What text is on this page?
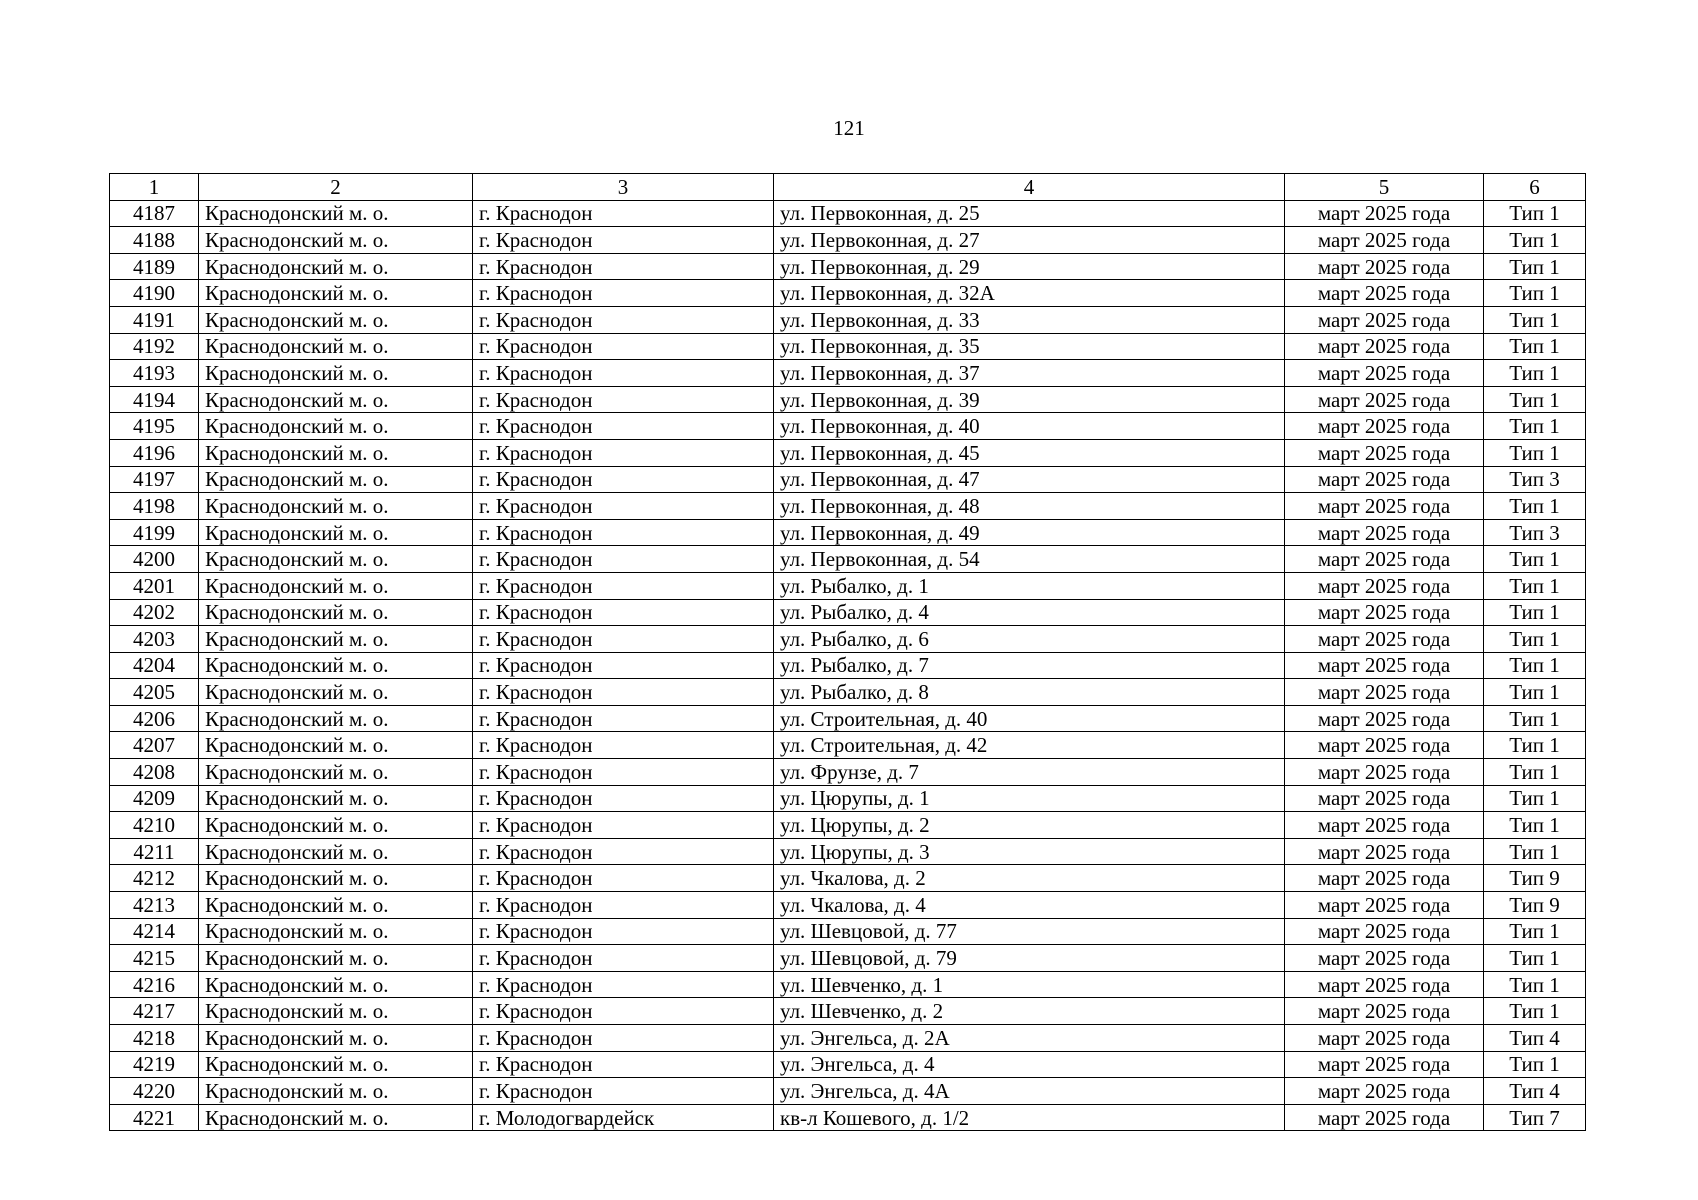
121
1	2	3	4	5	6
4187	Краснодонский м. о.	г. Краснодон	ул. Первоконная, д. 25	март 2025 года	Тип 1
4188	Краснодонский м. о.	г. Краснодон	ул. Первоконная, д. 27	март 2025 года	Тип 1
4189	Краснодонский м. о.	г. Краснодон	ул. Первоконная, д. 29	март 2025 года	Тип 1
4190	Краснодонский м. о.	г. Краснодон	ул. Первоконная, д. 32А	март 2025 года	Тип 1
4191	Краснодонский м. о.	г. Краснодон	ул. Первоконная, д. 33	март 2025 года	Тип 1
4192	Краснодонский м. о.	г. Краснодон	ул. Первоконная, д. 35	март 2025 года	Тип 1
4193	Краснодонский м. о.	г. Краснодон	ул. Первоконная, д. 37	март 2025 года	Тип 1
4194	Краснодонский м. о.	г. Краснодон	ул. Первоконная, д. 39	март 2025 года	Тип 1
4195	Краснодонский м. о.	г. Краснодон	ул. Первоконная, д. 40	март 2025 года	Тип 1
4196	Краснодонский м. о.	г. Краснодон	ул. Первоконная, д. 45	март 2025 года	Тип 1
4197	Краснодонский м. о.	г. Краснодон	ул. Первоконная, д. 47	март 2025 года	Тип 3
4198	Краснодонский м. о.	г. Краснодон	ул. Первоконная, д. 48	март 2025 года	Тип 1
4199	Краснодонский м. о.	г. Краснодон	ул. Первоконная, д. 49	март 2025 года	Тип 3
4200	Краснодонский м. о.	г. Краснодон	ул. Первоконная, д. 54	март 2025 года	Тип 1
4201	Краснодонский м. о.	г. Краснодон	ул. Рыбалко, д. 1	март 2025 года	Тип 1
4202	Краснодонский м. о.	г. Краснодон	ул. Рыбалко, д. 4	март 2025 года	Тип 1
4203	Краснодонский м. о.	г. Краснодон	ул. Рыбалко, д. 6	март 2025 года	Тип 1
4204	Краснодонский м. о.	г. Краснодон	ул. Рыбалко, д. 7	март 2025 года	Тип 1
4205	Краснодонский м. о.	г. Краснодон	ул. Рыбалко, д. 8	март 2025 года	Тип 1
4206	Краснодонский м. о.	г. Краснодон	ул. Строительная, д. 40	март 2025 года	Тип 1
4207	Краснодонский м. о.	г. Краснодон	ул. Строительная, д. 42	март 2025 года	Тип 1
4208	Краснодонский м. о.	г. Краснодон	ул. Фрунзе, д. 7	март 2025 года	Тип 1
4209	Краснодонский м. о.	г. Краснодон	ул. Цюрупы, д. 1	март 2025 года	Тип 1
4210	Краснодонский м. о.	г. Краснодон	ул. Цюрупы, д. 2	март 2025 года	Тип 1
4211	Краснодонский м. о.	г. Краснодон	ул. Цюрупы, д. 3	март 2025 года	Тип 1
4212	Краснодонский м. о.	г. Краснодон	ул. Чкалова, д. 2	март 2025 года	Тип 9
4213	Краснодонский м. о.	г. Краснодон	ул. Чкалова, д. 4	март 2025 года	Тип 9
4214	Краснодонский м. о.	г. Краснодон	ул. Шевцовой, д. 77	март 2025 года	Тип 1
4215	Краснодонский м. о.	г. Краснодон	ул. Шевцовой, д. 79	март 2025 года	Тип 1
4216	Краснодонский м. о.	г. Краснодон	ул. Шевченко, д. 1	март 2025 года	Тип 1
4217	Краснодонский м. о.	г. Краснодон	ул. Шевченко, д. 2	март 2025 года	Тип 1
4218	Краснодонский м. о.	г. Краснодон	ул. Энгельса, д. 2А	март 2025 года	Тип 4
4219	Краснодонский м. о.	г. Краснодон	ул. Энгельса, д. 4	март 2025 года	Тип 1
4220	Краснодонский м. о.	г. Краснодон	ул. Энгельса, д. 4А	март 2025 года	Тип 4
4221	Краснодонский м. о.	г. Молодогвардейск	кв-л Кошевого, д. 1/2	март 2025 года	Тип 7
